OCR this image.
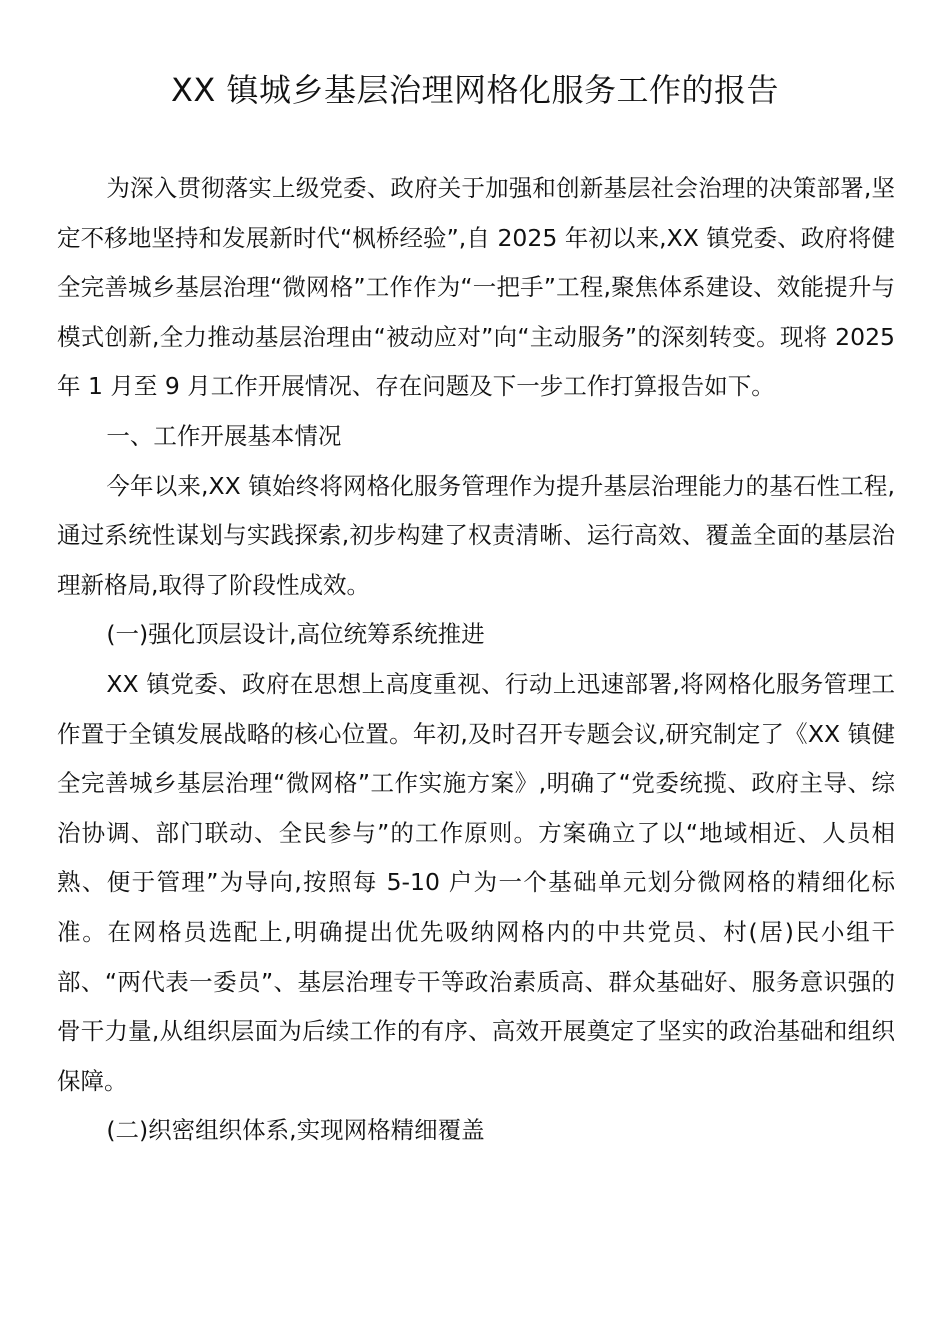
XX 镇城乡基层治理网格化服务工作的报告

为深入贯彻落实上级党委、政府关于加强和创新基层社会治理的决策部署,坚定不移地坚持和发展新时代“枫桥经验”,自 2025 年初以来,XX 镇党委、政府将健全完善城乡基层治理“微网格”工作作为“一把手”工程,聚焦体系建设、效能提升与模式创新,全力推动基层治理由“被动应对”向“主动服务”的深刻转变。现将 2025 年 1 月至 9 月工作开展情况、存在问题及下一步工作打算报告如下。

一、工作开展基本情况

今年以来,XX 镇始终将网格化服务管理作为提升基层治理能力的基石性工程,通过系统性谋划与实践探索,初步构建了权责清晰、运行高效、覆盖全面的基层治理新格局,取得了阶段性成效。

(一)强化顶层设计,高位统筹系统推进

XX 镇党委、政府在思想上高度重视、行动上迅速部署,将网格化服务管理工作置于全镇发展战略的核心位置。年初,及时召开专题会议,研究制定了《XX 镇健全完善城乡基层治理“微网格”工作实施方案》,明确了“党委统揽、政府主导、综治协调、部门联动、全民参与”的工作原则。方案确立了以“地域相近、人员相熟、便于管理”为导向,按照每 5-10 户为一个基础单元划分微网格的精细化标准。在网格员选配上,明确提出优先吸纳网格内的中共党员、村(居)民小组干部、“两代表一委员”、基层治理专干等政治素质高、群众基础好、服务意识强的骨干力量,从组织层面为后续工作的有序、高效开展奠定了坚实的政治基础和组织保障。

(二)织密组织体系,实现网格精细覆盖
